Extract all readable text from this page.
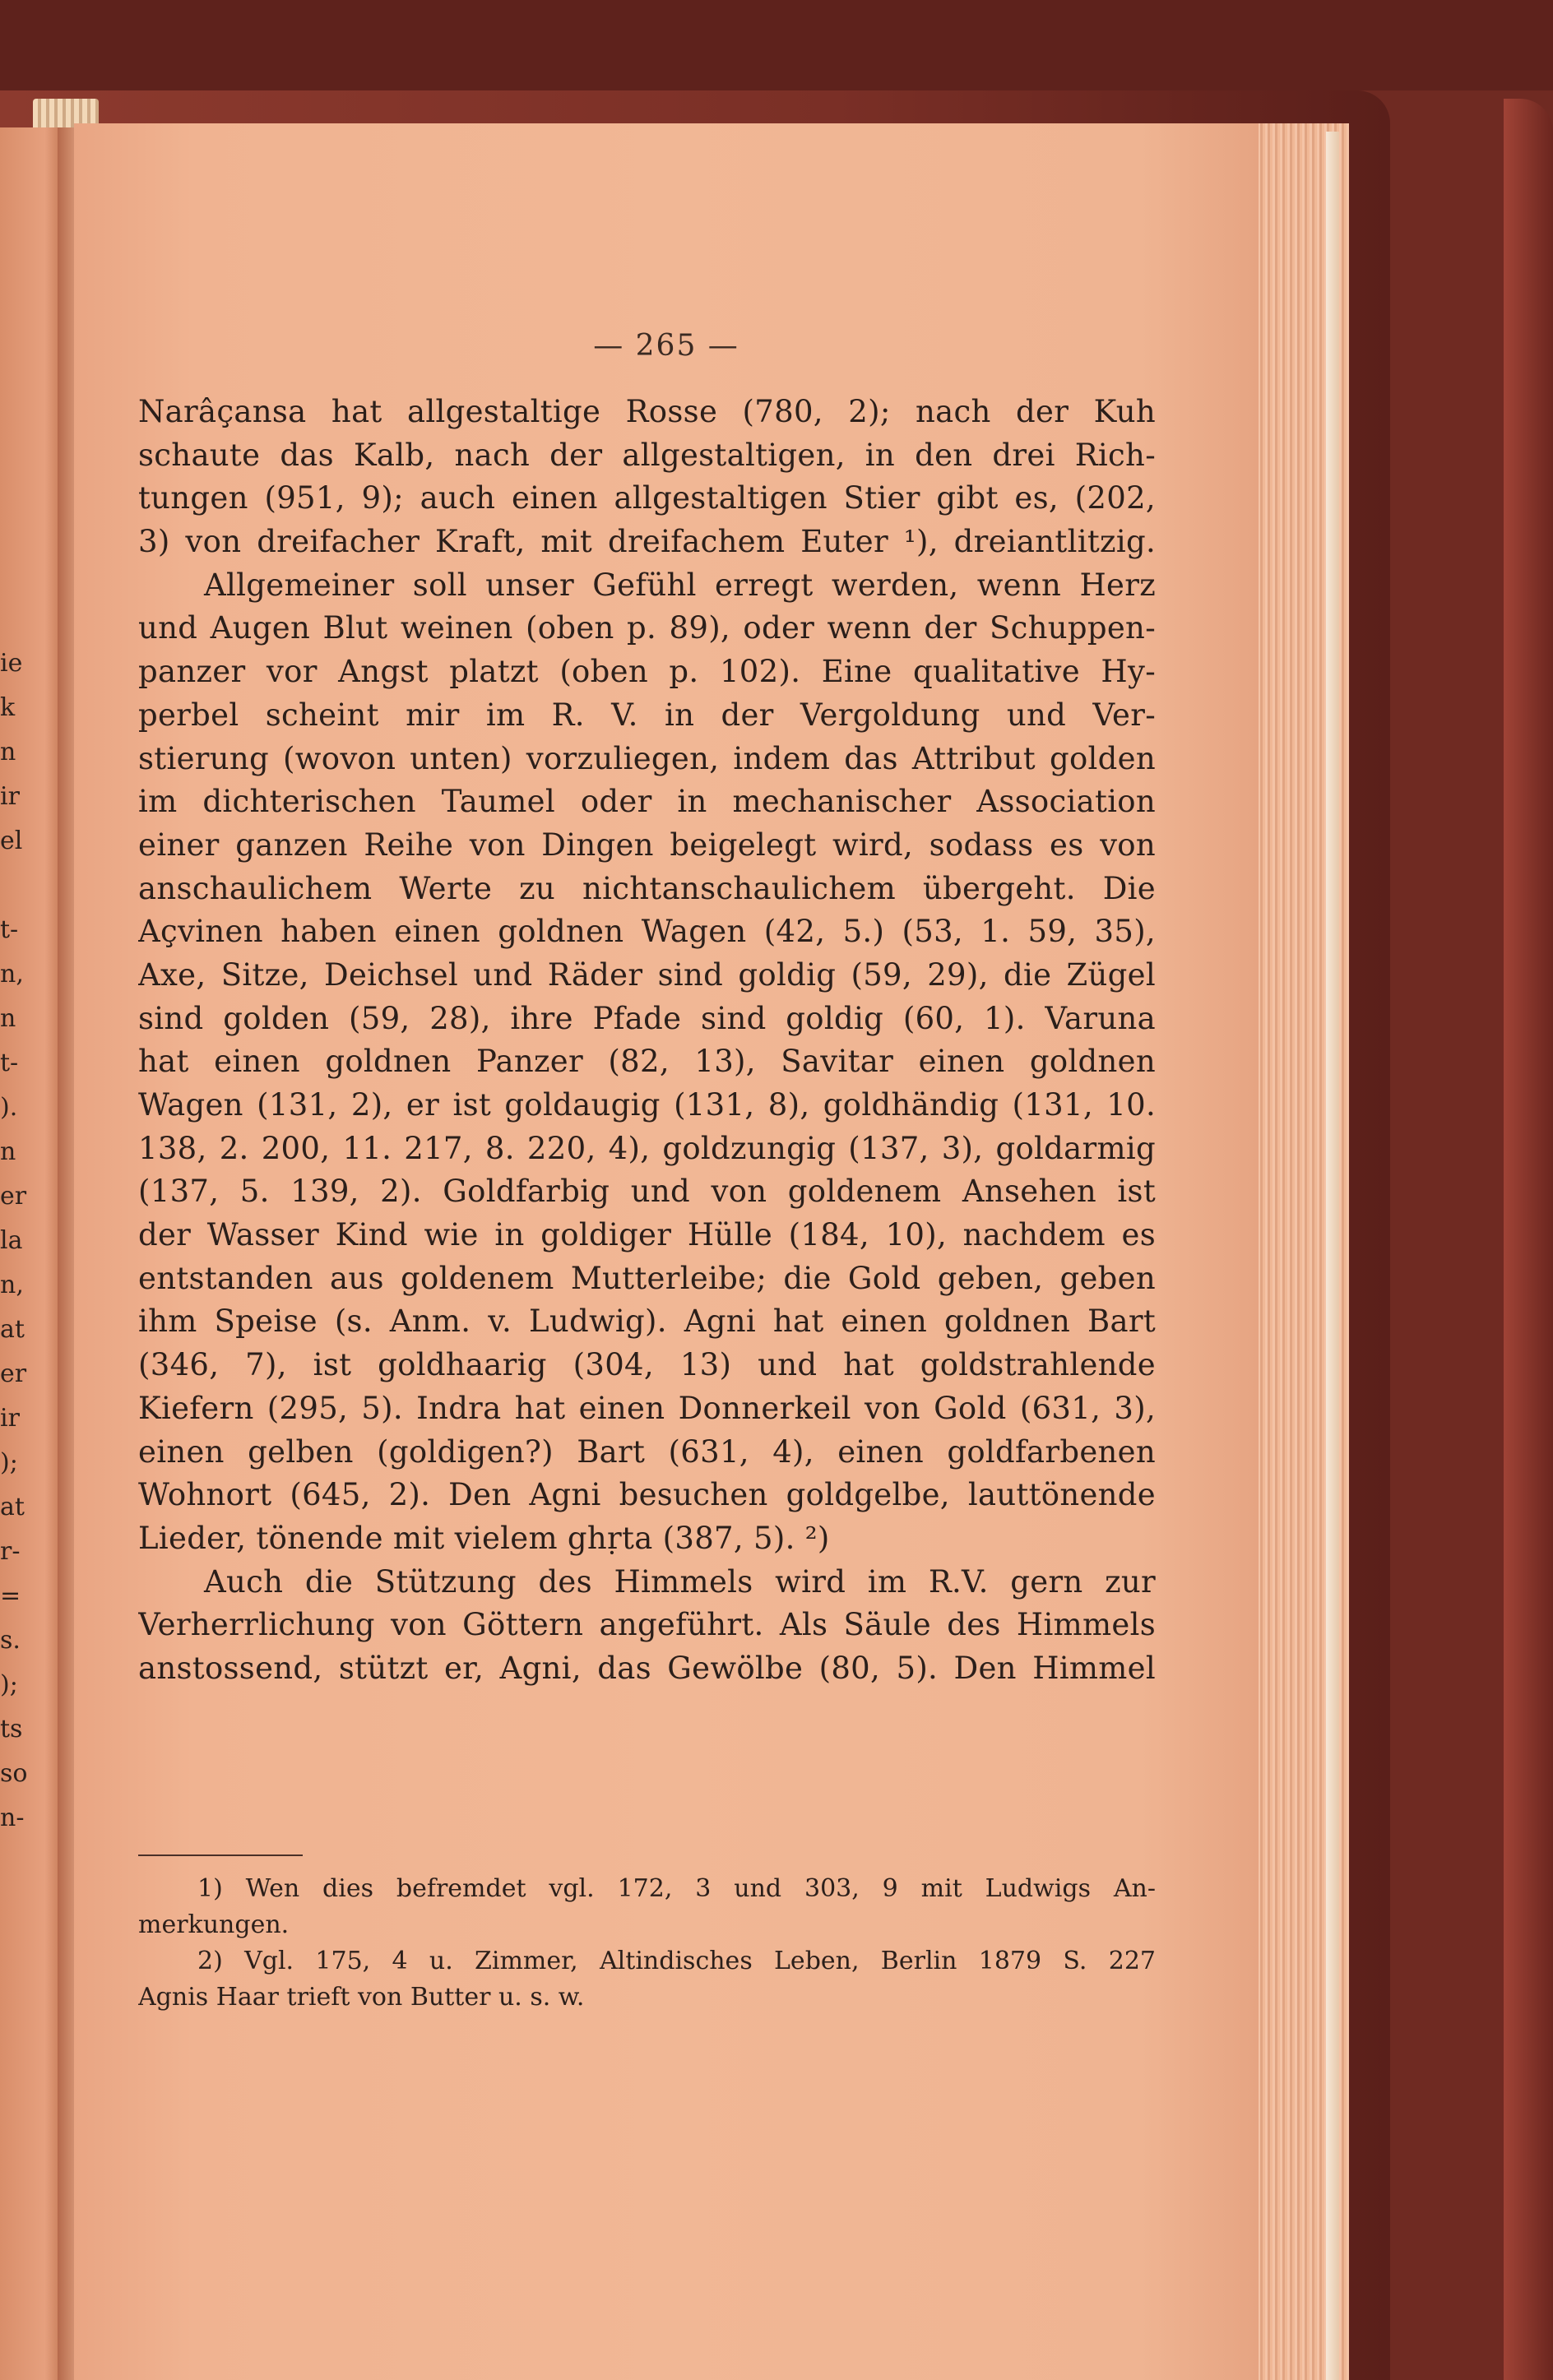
ie
k
n
ir
el
t-
n,
n
t-
).
n
er
la
n,
at
er
ir
);
at
r-
=
s.
);
ts
so
n-
— 265 —
Narâçansa hat allgestaltige Rosse (780, 2); nach der Kuh
schaute das Kalb, nach der allgestaltigen, in den drei Rich-
tungen (951, 9); auch einen allgestaltigen Stier gibt es, (202,
3) von dreifacher Kraft, mit dreifachem Euter ¹), dreiantlitzig.
Allgemeiner soll unser Gefühl erregt werden, wenn Herz
und Augen Blut weinen (oben p. 89), oder wenn der Schuppen-
panzer vor Angst platzt (oben p. 102). Eine qualitative Hy-
perbel scheint mir im R. V. in der Vergoldung und Ver-
stierung (wovon unten) vorzuliegen, indem das Attribut golden
im dichterischen Taumel oder in mechanischer Association
einer ganzen Reihe von Dingen beigelegt wird, sodass es von
anschaulichem Werte zu nichtanschaulichem übergeht. Die
Açvinen haben einen goldnen Wagen (42, 5.) (53, 1. 59, 35),
Axe, Sitze, Deichsel und Räder sind goldig (59, 29), die Zügel
sind golden (59, 28), ihre Pfade sind goldig (60, 1). Varuna
hat einen goldnen Panzer (82, 13), Savitar einen goldnen
Wagen (131, 2), er ist goldaugig (131, 8), goldhändig (131, 10.
138, 2. 200, 11. 217, 8. 220, 4), goldzungig (137, 3), goldarmig
(137, 5. 139, 2). Goldfarbig und von goldenem Ansehen ist
der Wasser Kind wie in goldiger Hülle (184, 10), nachdem es
entstanden aus goldenem Mutterleibe; die Gold geben, geben
ihm Speise (s. Anm. v. Ludwig). Agni hat einen goldnen Bart
(346, 7), ist goldhaarig (304, 13) und hat goldstrahlende
Kiefern (295, 5). Indra hat einen Donnerkeil von Gold (631, 3),
einen gelben (goldigen?) Bart (631, 4), einen goldfarbenen
Wohnort (645, 2). Den Agni besuchen goldgelbe, lauttönende
Lieder, tönende mit vielem ghṛta (387, 5). ²)
Auch die Stützung des Himmels wird im R.V. gern zur
Verherrlichung von Göttern angeführt. Als Säule des Himmels
anstossend, stützt er, Agni, das Gewölbe (80, 5). Den Himmel
1) Wen dies befremdet vgl. 172, 3 und 303, 9 mit Ludwigs An-
merkungen.
2) Vgl. 175, 4 u. Zimmer, Altindisches Leben, Berlin 1879 S. 227
Agnis Haar trieft von Butter u. s. w.
